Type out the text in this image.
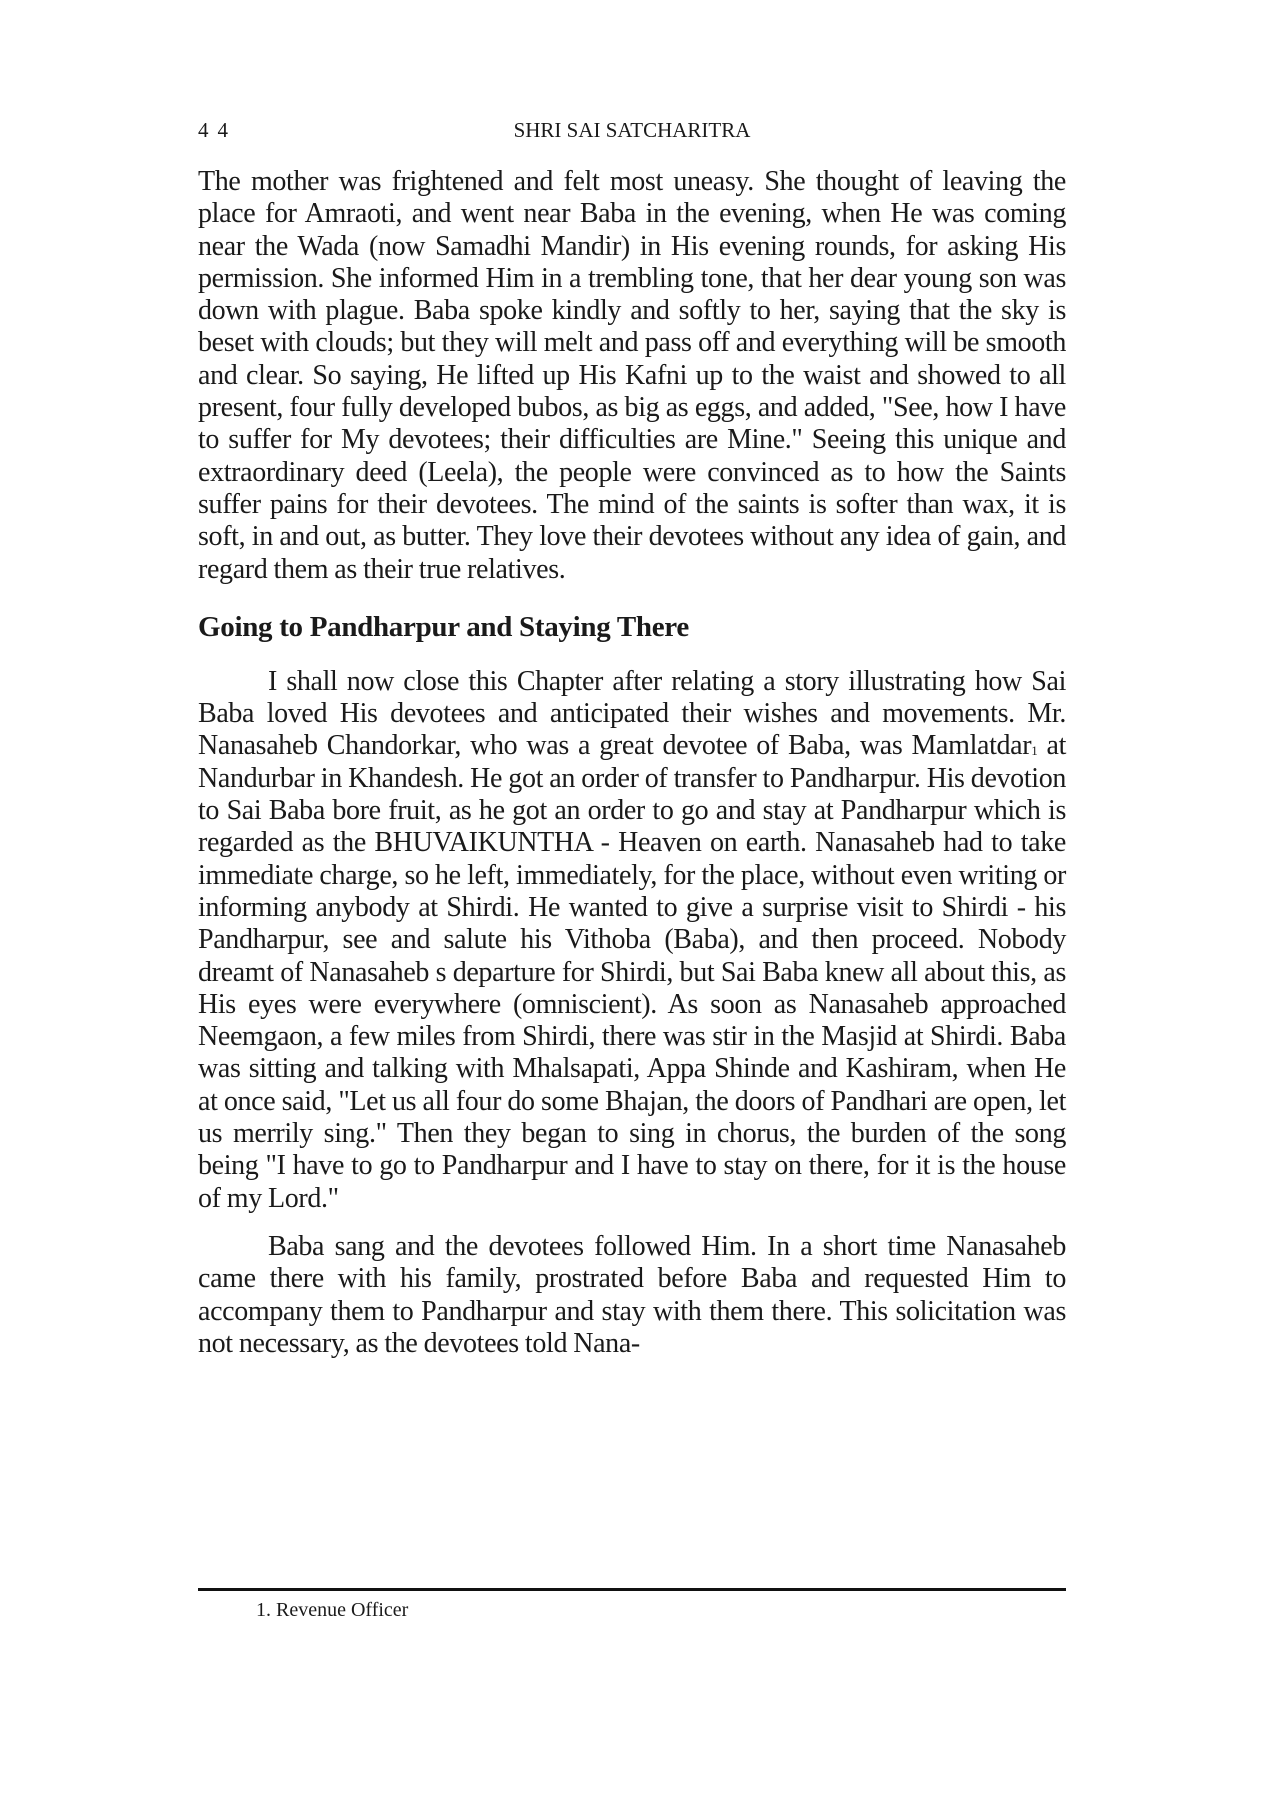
44	SHRI SAI SATCHARITRA

The mother was frightened and felt most uneasy. She thought of leaving the place for Amraoti, and went near Baba in the evening, when He was coming near the Wada (now Samadhi Mandir) in His evening rounds, for asking His permission. She informed Him in a trembling tone, that her dear young son was down with plague. Baba spoke kindly and softly to her, saying that the sky is beset with clouds; but they will melt and pass off and everything will be smooth and clear. So saying, He lifted up His Kafni up to the waist and showed to all present, four fully developed bubos, as big as eggs, and added, "See, how I have to suffer for My devotees; their difficulties are Mine." Seeing this unique and extraordinary deed (Leela), the people were convinced as to how the Saints suffer pains for their devotees. The mind of the saints is softer than wax, it is soft, in and out, as butter. They love their devotees without any idea of gain, and regard them as their true relatives.

Going to Pandharpur and Staying There

I shall now close this Chapter after relating a story illustrating how Sai Baba loved His devotees and anticipated their wishes and movements. Mr. Nanasaheb Chandorkar, who was a great devotee of Baba, was Mamlatdar$^1$ at Nandurbar in Khandesh. He got an order of transfer to Pandharpur. His devotion to Sai Baba bore fruit, as he got an order to go and stay at Pandharpur which is regarded as the BHUVAIKUNTHA - Heaven on earth. Nanasaheb had to take immediate charge, so he left, immediately, for the place, without even writing or informing anybody at Shirdi. He wanted to give a surprise visit to Shirdi - his Pandharpur, see and salute his Vithoba (Baba), and then proceed. Nobody dreamt of Nanasaheb s departure for Shirdi, but Sai Baba knew all about this, as His eyes were everywhere (omniscient). As soon as Nanasaheb approached Neemgaon, a few miles from Shirdi, there was stir in the Masjid at Shirdi. Baba was sitting and talking with Mhalsapati, Appa Shinde and Kashiram, when He at once said, "Let us all four do some Bhajan, the doors of Pandhari are open, let us merrily sing." Then they began to sing in chorus, the burden of the song being "I have to go to Pandharpur and I have to stay on there, for it is the house of my Lord."

Baba sang and the devotees followed Him. In a short time Nanasaheb came there with his family, prostrated before Baba and requested Him to accompany them to Pandharpur and stay with them there. This solicitation was not necessary, as the devotees told Nana-

1. Revenue Officer
